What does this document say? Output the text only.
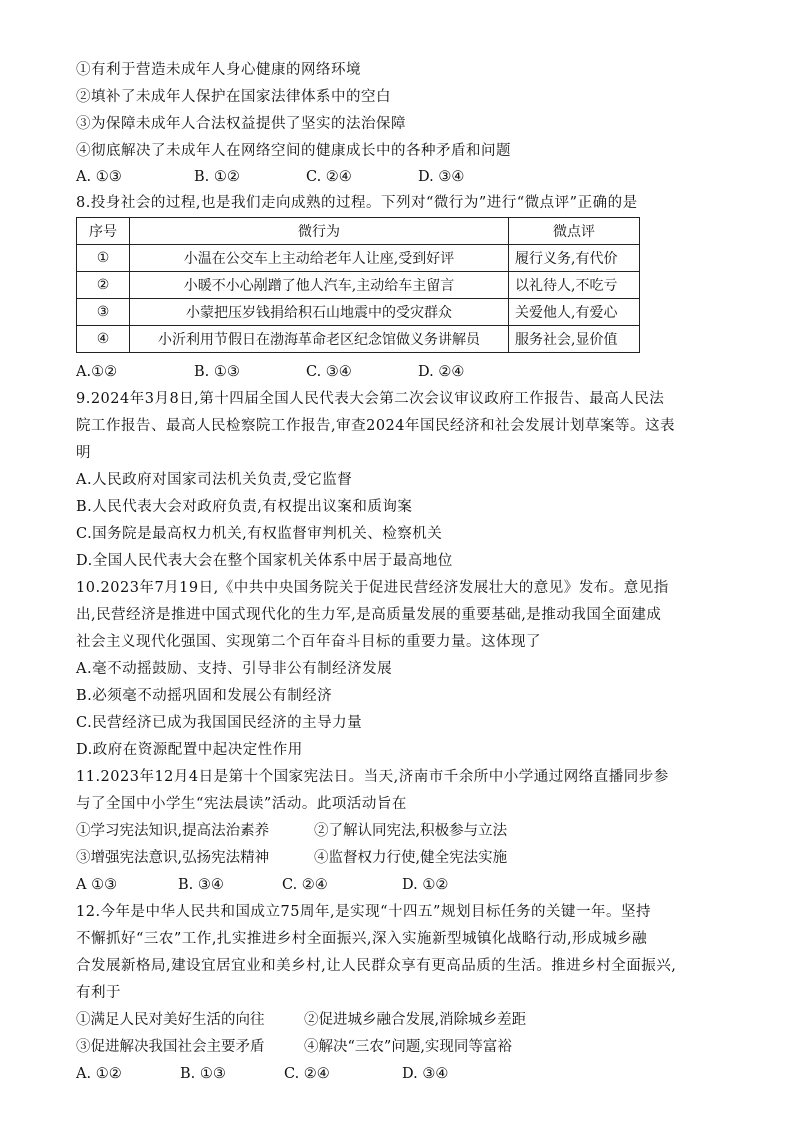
①有利于营造未成年人身心健康的网络环境
②填补了未成年人保护在国家法律体系中的空白
③为保障未成年人合法权益提供了坚实的法治保障
④彻底解决了未成年人在网络空间的健康成长中的各种矛盾和问题
A. ①③	B. ①②	C. ②④	D. ③④
8.投身社会的过程,也是我们走向成熟的过程。下列对“微行为”进行“微点评”正确的是
序号	微行为	微点评
①	小温在公交车上主动给老年人让座,受到好评	履行义务,有代价
②	小暖不小心剐蹭了他人汽车,主动给车主留言	以礼待人,不吃亏
③	小蒙把压岁钱捐给积石山地震中的受灾群众	关爱他人,有爱心
④	小沂利用节假日在渤海革命老区纪念馆做义务讲解员	服务社会,显价值
A.①②	B. ①③	C. ③④	D. ②④
9.2024年3月8日,第十四届全国人民代表大会第二次会议审议政府工作报告、最高人民法
院工作报告、最高人民检察院工作报告,审查2024年国民经济和社会发展计划草案等。这表
明
A.人民政府对国家司法机关负责,受它监督
B.人民代表大会对政府负责,有权提出议案和质询案
C.国务院是最高权力机关,有权监督审判机关、检察机关
D.全国人民代表大会在整个国家机关体系中居于最高地位
10.2023年7月19日,《中共中央国务院关于促进民营经济发展壮大的意见》发布。意见指
出,民营经济是推进中国式现代化的生力军,是高质量发展的重要基础,是推动我国全面建成
社会主义现代化强国、实现第二个百年奋斗目标的重要力量。这体现了
A.毫不动摇鼓励、支持、引导非公有制经济发展
B.必须毫不动摇巩固和发展公有制经济
C.民营经济已成为我国国民经济的主导力量
D.政府在资源配置中起决定性作用
11.2023年12月4日是第十个国家宪法日。当天,济南市千余所中小学通过网络直播同步参
与了全国中小学生“宪法晨读”活动。此项活动旨在
①学习宪法知识,提高法治素养	②了解认同宪法,积极参与立法
③增强宪法意识,弘扬宪法精神	④监督权力行使,健全宪法实施
A ①③	B. ③④	C. ②④	D. ①②
12.今年是中华人民共和国成立75周年,是实现“十四五”规划目标任务的关键一年。坚持
不懈抓好“三农”工作,扎实推进乡村全面振兴,深入实施新型城镇化战略行动,形成城乡融
合发展新格局,建设宜居宜业和美乡村,让人民群众享有更高品质的生活。推进乡村全面振兴,
有利于
①满足人民对美好生活的向往	②促进城乡融合发展,消除城乡差距
③促进解决我国社会主要矛盾	④解决“三农”问题,实现同等富裕
A. ①②	B. ①③	C. ②④	D. ③④
